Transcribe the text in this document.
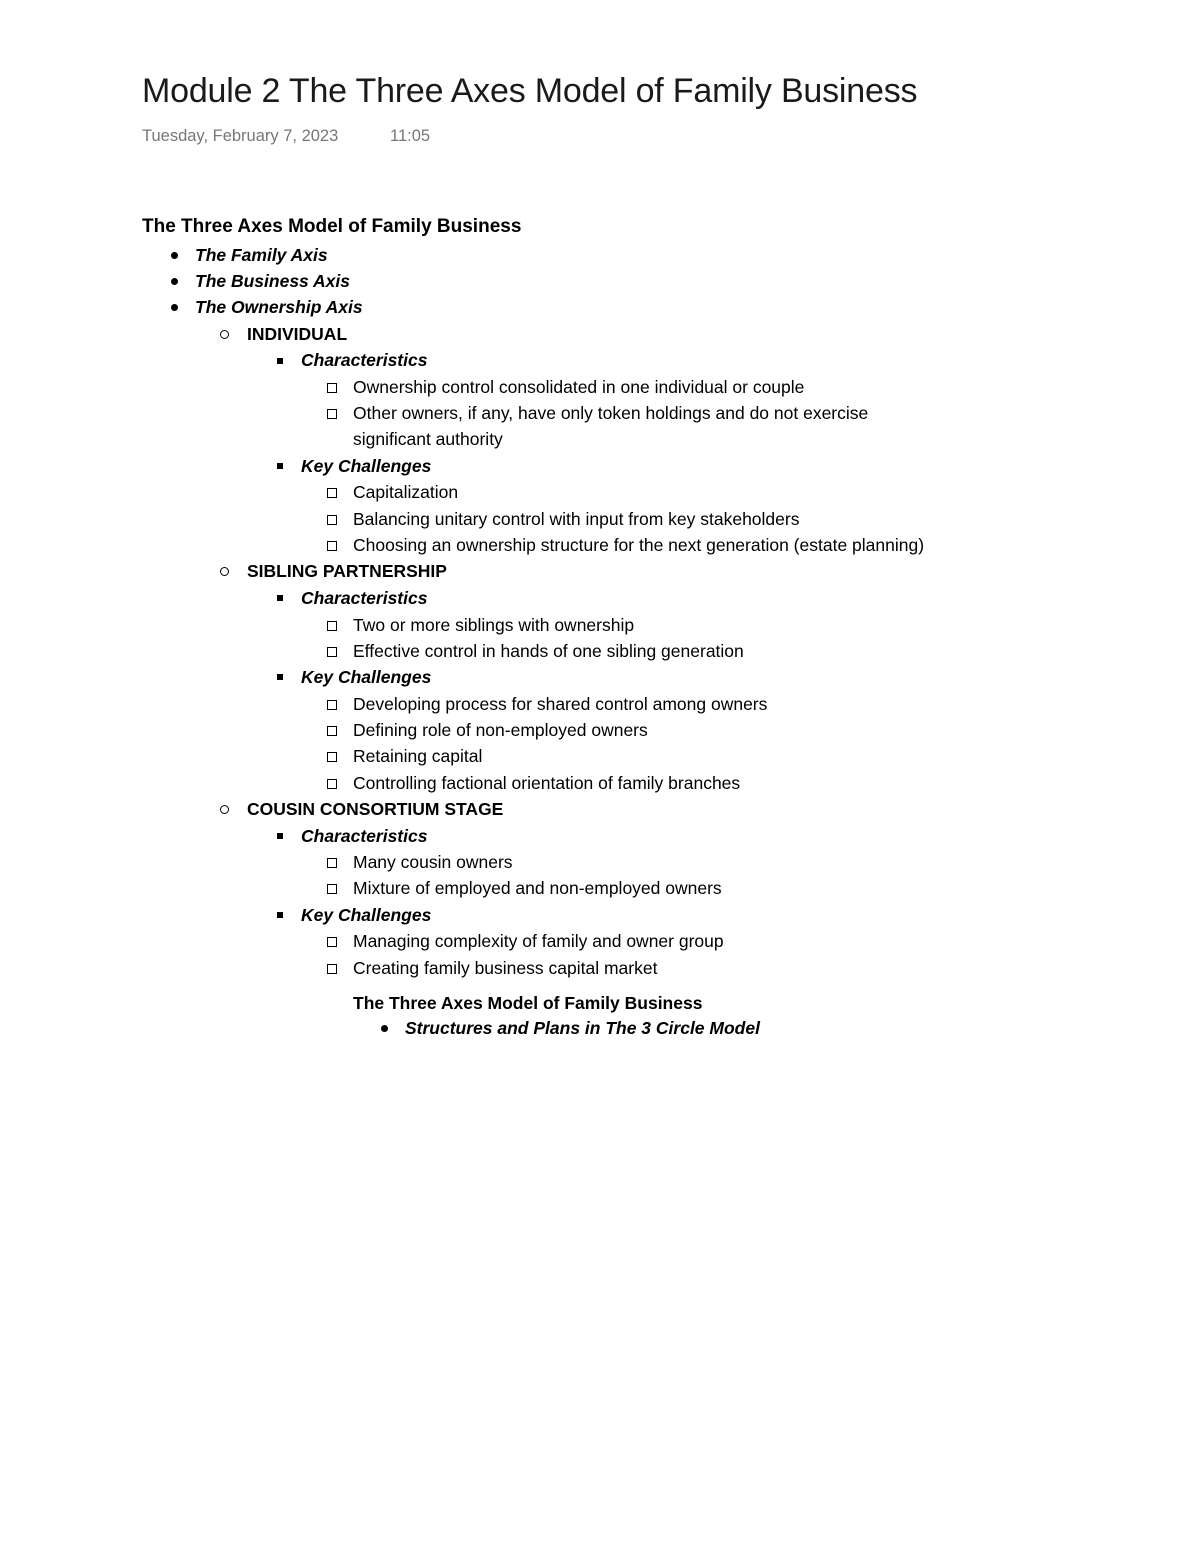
Module 2 The Three Axes Model of Family Business
Tuesday, February 7, 2023	11:05
The Three Axes Model of Family Business
The Family Axis
The Business Axis
The Ownership Axis
INDIVIDUAL
Characteristics
Ownership control consolidated in one individual or couple
Other owners, if any, have only token holdings and do not exercise
significant authority
Key Challenges
Capitalization
Balancing unitary control with input from key stakeholders
Choosing an ownership structure for the next generation (estate planning)
SIBLING PARTNERSHIP
Characteristics
Two or more siblings with ownership
Effective control in hands of one sibling generation
Key Challenges
Developing process for shared control among owners
Defining role of non-employed owners
Retaining capital
Controlling factional orientation of family branches
COUSIN CONSORTIUM STAGE
Characteristics
Many cousin owners
Mixture of employed and non-employed owners
Key Challenges
Managing complexity of family and owner group
Creating family business capital market
The Three Axes Model of Family Business
Structures and Plans in The 3 Circle Model
